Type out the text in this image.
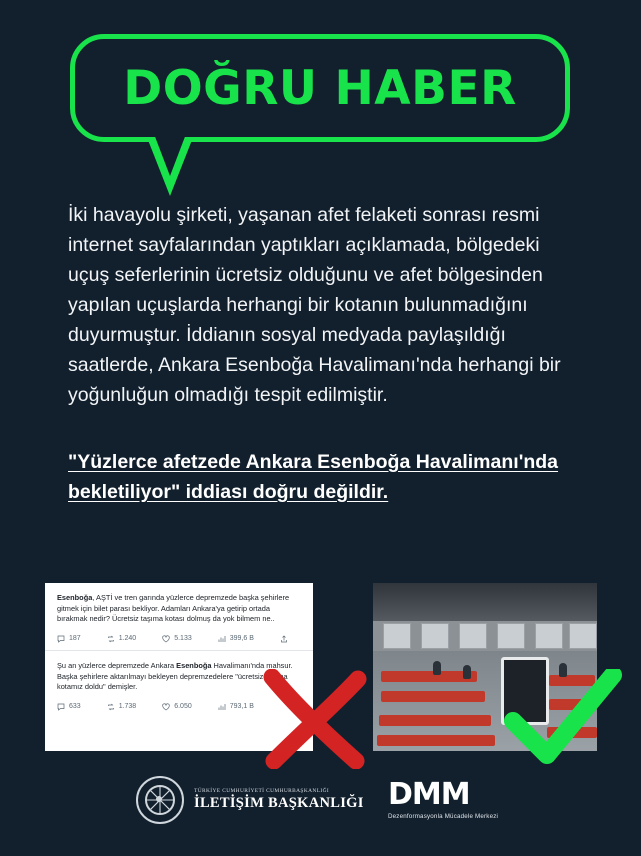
DOĞRU HABER
İki havayolu şirketi, yaşanan afet felaketi sonrası resmi internet sayfalarından yaptıkları açıklamada, bölgedeki uçuş seferlerinin ücretsiz olduğunu ve afet bölgesinden yapılan uçuşlarda herhangi bir kotanın bulunmadığını duyurmuştur. İddianın sosyal medyada paylaşıldığı saatlerde, Ankara Esenboğa Havalimanı'nda herhangi bir yoğunluğun olmadığı tespit edilmiştir.
"Yüzlerce afetzede Ankara Esenboğa Havalimanı'nda bekletiliyor" iddiası doğru değildir.
Esenboğa, AŞTİ ve tren garında yüzlerce depremzede başka şehirlere gitmek için bilet parası bekliyor. Adamları Ankara'ya getirip ortada bırakmak nedir? Ücretsiz taşıma kotası dolmuş da yok bilmem ne..
187	1.240	5.133	399,6 B
Şu an yüzlerce depremzede Ankara Esenboğa Havalimanı'nda mahsur. Başka şehirlere aktarılmayı bekleyen depremzedelere "ücretsiz taşıma kotamız doldu" demişler.
633	1.738	6.050	793,1 B
TÜRKİYE CUMHURİYETİ CUMHURBAŞKANLIĞI
İLETİŞİM BAŞKANLIĞI DMM
Dezenformasyonla Mücadele Merkezi
